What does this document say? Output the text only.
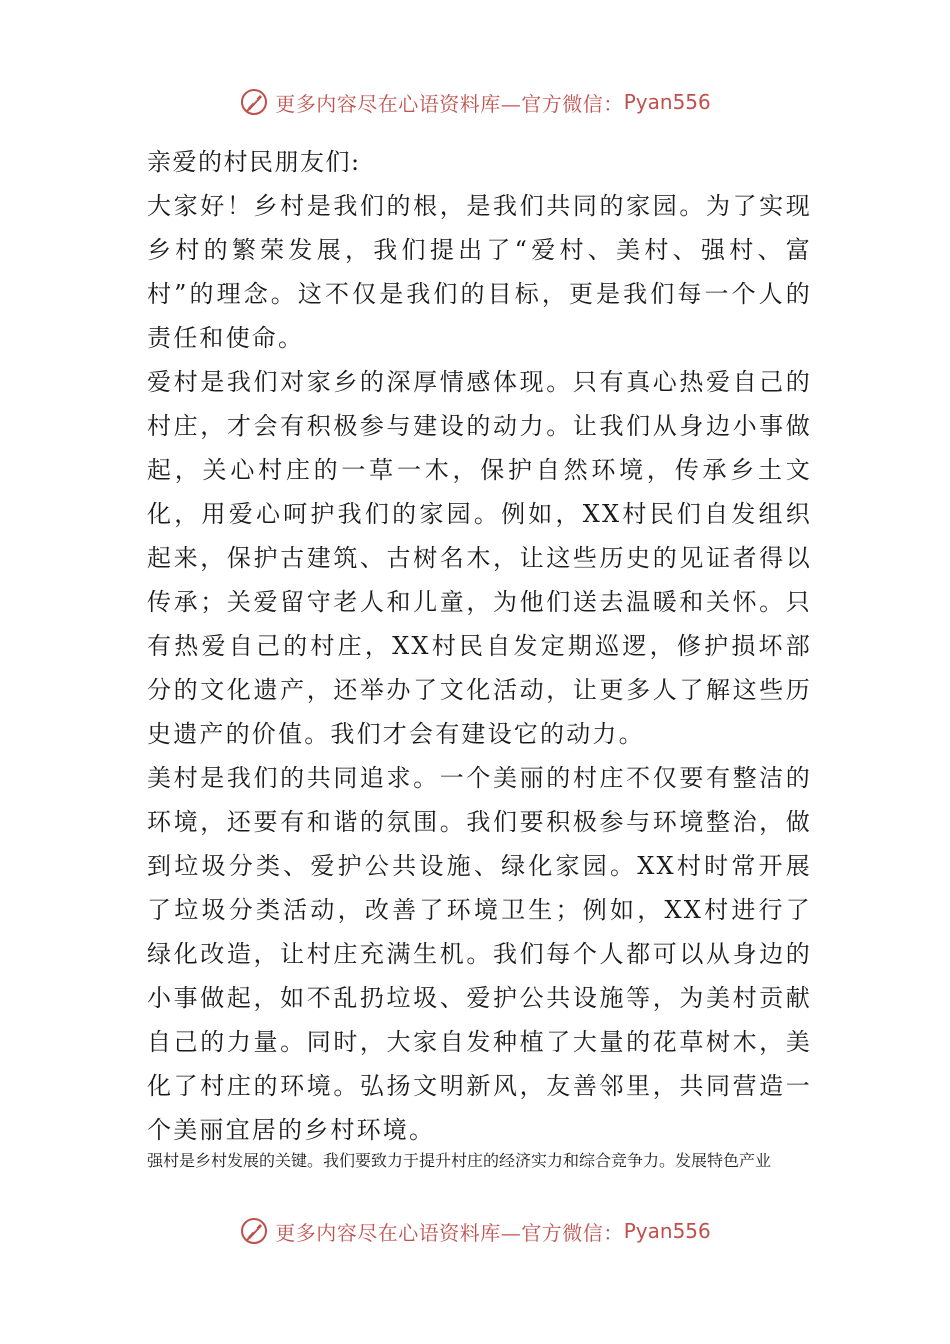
更多内容尽在心语资料库—官方微信： Pyan556

亲爱的村民朋友们:

大家好！乡村是我们的根，是我们共同的家园。为了实现乡村的繁荣发展，我们提出了“爱村、美村、强村、富村”的理念。这不仅是我们的目标，更是我们每一个人的责任和使命。

爱村是我们对家乡的深厚情感体现。只有真心热爱自己的村庄，才会有积极参与建设的动力。让我们从身边小事做起，关心村庄的一草一木，保护自然环境，传承乡土文化，用爱心呵护我们的家园。例如，XX村民们自发组织起来，保护古建筑、古树名木，让这些历史的见证者得以传承；关爱留守老人和儿童，为他们送去温暖和关怀。只有热爱自己的村庄，XX村民自发定期巡逻，修护损坏部分的文化遗产，还举办了文化活动，让更多人了解这些历史遗产的价值。我们才会有建设它的动力。

美村是我们的共同追求。一个美丽的村庄不仅要有整洁的环境，还要有和谐的氛围。我们要积极参与环境整治，做到垃圾分类、爱护公共设施、绿化家园。XX村时常开展了垃圾分类活动，改善了环境卫生；例如，XX村进行了绿化改造，让村庄充满生机。我们每个人都可以从身边的小事做起，如不乱扔垃圾、爱护公共设施等，为美村贡献自己的力量。同时，大家自发种植了大量的花草树木，美化了村庄的环境。弘扬文明新风，友善邻里，共同营造一个美丽宜居的乡村环境。

强村是乡村发展的关键。我们要致力于提升村庄的经济实力和综合竞争力。发展特色产业
更多内容尽在心语资料库—官方微信： Pyan556
